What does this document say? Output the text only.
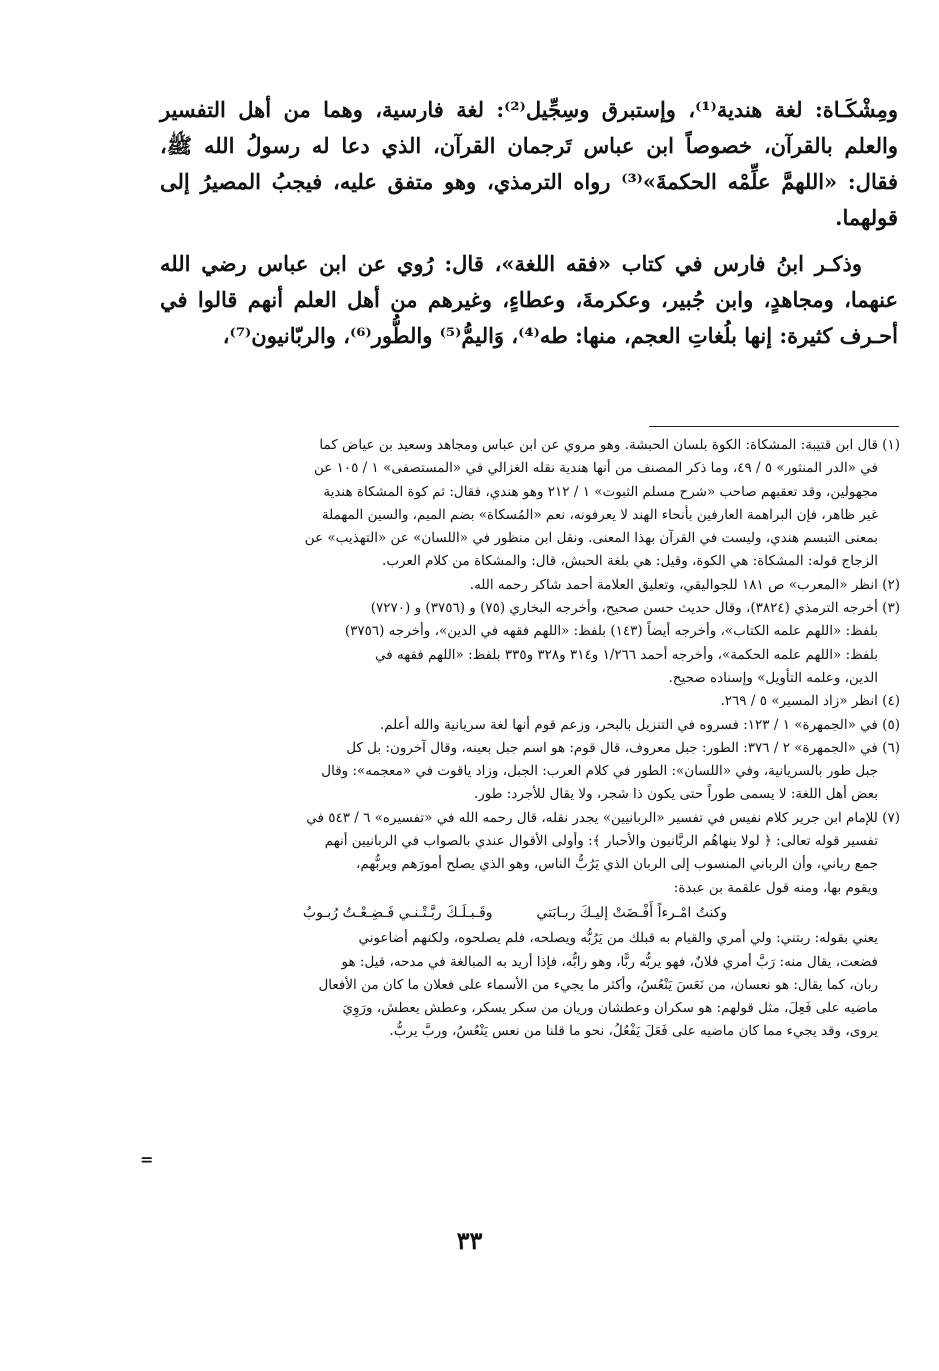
ومِشْكَـاة: لغة هندية⁽¹⁾، وإستبرق وسِجِّيل⁽²⁾: لغة فارسية، وهما من أهل التفسير والعلم بالقرآن، خصوصاً ابن عباس تَرجمان القرآن، الذي دعا له رسولُ الله ﷺ، فقال: «اللهمَّ علِّمْه الحكمةَ»⁽³⁾ رواه الترمذي، وهو متفق عليه، فيجبُ المصيرُ إلى قولهما.

وذكـر ابنُ فارس في كتاب «فقه اللغة»، قال: رُوي عن ابن عباس رضي الله عنهما، ومجاهدٍ، وابن جُبير، وعكرمةَ، وعطاءٍ، وغيرهم من أهل العلم أنهم قالوا في أحـرف كثيرة: إنها بلُغاتِ العجم، منها: طه⁽⁴⁾، وَاليمُّ⁽⁵⁾ والطُّور⁽⁶⁾، والربّانيون⁽⁷⁾،

(١) قال ابن قتيبة: المشكاة: الكوة بلسان الحبشة. وهو مروي عن ابن عباس ومجاهد وسعيد بن عياض كما
في «الدر المنثور» ٥ / ٤٩، وما ذكر المصنف من أنها هندية نقله الغزالي في «المستصفى» ١ / ١٠٥ عن
مجهولين، وقد تعقبهم صاحب «شرح مسلم الثبوت» ١ / ٢١٢ وهو هندي، فقال: ثم كوة المشكاة هندية
غير ظاهر، فإن البراهمة العارفين بأنحاء الهند لا يعرفونه، نعم «المُسكاة» بضم الميم، والسين المهملة
بمعنى التبسم هندي، وليست في القرآن بهذا المعنى. ونقل ابن منظور في «اللسان» عن «التهذيب» عن
الزجاج قوله: المشكاة: هي الكوة، وقيل: هي بلغة الحبش، قال: والمشكاة من كلام العرب.
(٢) انظر «المعرب» ص ١٨١ للجواليقي، وتعليق العلامة أحمد شاكر رحمه الله.
(٣) أخرجه الترمذي (٣٨٢٤)، وقال حديث حسن صحيح، وأخرجه البخاري (٧٥) و (٣٧٥٦) و (٧٢٧٠)
بلفظ: «اللهم علمه الكتاب»، وأخرجه أيضاً (١٤٣) بلفظ: «اللهم فقهه في الدين»، وأخرجه (٣٧٥٦)
بلفظ: «اللهم علمه الحكمة»، وأخرجه أحمد ١/٢٦٦ و٣١٤ و٣٢٨ و٣٣٥ بلفظ: «اللهم فقهه في
الدين، وعلمه التأويل» وإسناده صحيح.
(٤) انظر «زاد المسير» ٥ / ٢٦٩.
(٥) في «الجمهرة» ١ / ١٢٣: فسروه في التنزيل بالبحر، وزعم قوم أنها لغة سريانية والله أعلم.
(٦) في «الجمهرة» ٢ / ٣٧٦: الطور: جبل معروف، قال قوم: هو اسم جبل بعينه، وقال آخرون: بل كل
جبل طور بالسريانية، وفي «اللسان»: الطور في كلام العرب: الجبل، وزاد ياقوت في «معجمه»: وقال
بعض أهل اللغة: لا يسمى طوراً حتى يكون ذا شجر، ولا يقال للأجرد: طور.
(٧) للإمام ابن جرير كلام نفيس في تفسير «الربانيين» يجدر نقله، قال رحمه الله في «تفسيره» ٦ / ٥٤٣ في
تفسير قوله تعالى: ﴿ لولا ينهاهُم الربَّانيون والأحبار ﴾: وأولى الأقوال عندي بالصواب في الربانيين أنهم
جمع رباني، وأن الرباني المنسوب إلى الربان الذي يَرُبُّ الناس، وهو الذي يصلح أمورَهم ويربُّهم،
ويقوم بها، ومنه قول علقمة بن عبدة:
وكنتُ امْـرءاً أَفْـضَتْ إليـكَ ربـابَتي
وقَـبـلَـكَ ربَّـتْـنـي فَـضِـعْـتُ رُبـوبُ
يعني بقوله: ربتني: ولي أمري والقيام به قبلك من يَرُبُّه ويصلحه، فلم يصلحوه، ولكنهم أضاعوني
فضعت، يقال منه: رَبَّ أمري فلانٌ، فهو يربُّه ربًّا، وهو رابُّه، فإذا أريد به المبالغة في مدحه، قيل: هو
ربان، كما يقال: هو نعسان، من نَعَسَ يَنْعُسُ، وأكثر ما يجيء من الأسماء على فعلان ما كان من الأفعال
ماضيه على فَعِلَ، مثل قولهم: هو سكران وعطشان وريان من سكر يسكر، وعطش يعطش، ورَوِيَ
يروى، وقد يجيء مما كان ماضيه على فَعَلَ يَفْعُلُ، نحو ما قلنا من نعس يَنْعُسُ، وربَّ يربُّ.
=
٣٣
